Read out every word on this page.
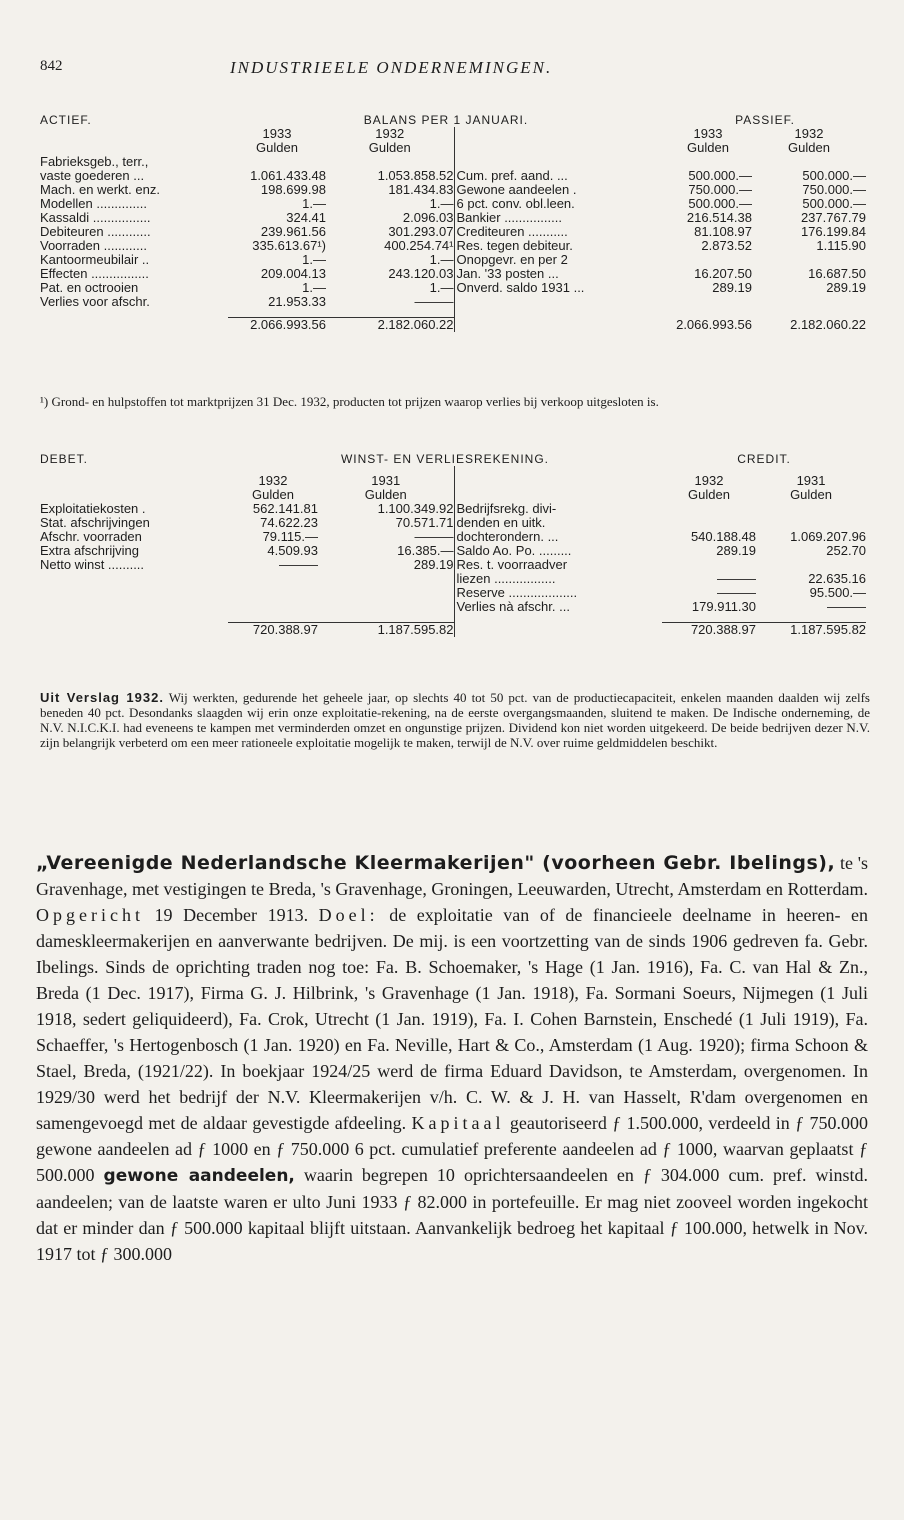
842	INDUSTRIEELE ONDERNEMINGEN.
ACTIEF.	BALANS PER 1 JANUARI.			PASSIEF.	
	1933	1932		1933	1932
	Gulden	Gulden		Gulden	Gulden
Fabrieksgeb., terr.,					
vaste goederen ...	1.061.433.48	1.053.858.52	Cum. pref. aand. ...	500.000.—	500.000.—
Mach. en werkt. enz.	198.699.98	181.434.83	Gewone aandeelen .	750.000.—	750.000.—
Modellen ..............	1.—	1.—	6 pct. conv. obl.leen.	500.000.—	500.000.—
Kassaldi ................	324.41	2.096.03	Bankier ................	216.514.38	237.767.79
Debiteuren ............	239.961.56	301.293.07	Crediteuren ...........	81.108.97	176.199.84
Voorraden ............	335.613.67¹)	400.254.74¹	Res. tegen debiteur.	2.873.52	1.115.90
Kantoormeubilair ..	1.—	1.—	Onopgevr. en per 2		
Effecten ................	209.004.13	243.120.03	Jan. '33 posten ...	16.207.50	16.687.50
Pat. en octrooien	1.—	1.—	Onverd. saldo 1931 ...	289.19	289.19
Verlies voor afschr.	21.953.33	———			

	2.066.993.56	2.182.060.22		2.066.993.56	2.182.060.22
¹) Grond- en hulpstoffen tot marktprijzen 31 Dec. 1932, producten tot prijzen waarop verlies bij verkoop uitgesloten is.
DEBET.	WINST- EN VERLIESREKENING.			CREDIT.	

	1932	1931		1932	1931
	Gulden	Gulden		Gulden	Gulden
Exploitatiekosten .	562.141.81	1.100.349.92	Bedrijfsrekg. divi-		
Stat. afschrijvingen	74.622.23	70.571.71	denden en uitk.		
Afschr. voorraden	79.115.—	———	dochterondern. ...	540.188.48	1.069.207.96
Extra afschrijving	4.509.93	16.385.—	Saldo Ao. Po. .........	289.19	252.70
Netto winst ..........	———	289.19	Res. t. voorraadver		
			liezen .................	———	22.635.16
			Reserve ...................	———	95.500.—
			Verlies nà afschr. ...	179.911.30	———

	720.388.97	1.187.595.82		720.388.97	1.187.595.82
Uit Verslag 1932. Wij werkten, gedurende het geheele jaar, op slechts 40 tot 50 pct. van de productiecapaciteit, enkelen maanden daalden wij zelfs beneden 40 pct. Desondanks slaagden wij erin onze exploitatie-rekening, na de eerste overgangsmaanden, sluitend te maken. De Indische onderneming, de N.V. N.I.C.K.I. had eveneens te kampen met verminderden omzet en ongunstige prijzen. Dividend kon niet worden uitgekeerd. De beide bedrijven dezer N.V. zijn belangrijk verbeterd om een meer rationeele exploitatie mogelijk te maken, terwijl de N.V. over ruime geldmiddelen beschikt.
„Vereenigde Nederlandsche Kleermakerijen" (voorheen Gebr. Ibelings), te 's Gravenhage, met vestigingen te Breda, 's Gravenhage, Groningen, Leeuwarden, Utrecht, Amsterdam en Rotterdam. Opgericht 19 December 1913. Doel: de exploitatie van of de financieele deelname in heeren- en dameskleermakerijen en aanverwante bedrijven. De mij. is een voortzetting van de sinds 1906 gedreven fa. Gebr. Ibelings. Sinds de oprichting traden nog toe: Fa. B. Schoemaker, 's Hage (1 Jan. 1916), Fa. C. van Hal & Zn., Breda (1 Dec. 1917), Firma G. J. Hilbrink, 's Gravenhage (1 Jan. 1918), Fa. Sormani Soeurs, Nijmegen (1 Juli 1918, sedert geliquideerd), Fa. Crok, Utrecht (1 Jan. 1919), Fa. I. Cohen Barnstein, Enschedé (1 Juli 1919), Fa. Schaeffer, 's Hertogenbosch (1 Jan. 1920) en Fa. Neville, Hart & Co., Amsterdam (1 Aug. 1920); firma Schoon & Stael, Breda, (1921/22). In boekjaar 1924/25 werd de firma Eduard Davidson, te Amsterdam, overgenomen. In 1929/30 werd het bedrijf der N.V. Kleermakerijen v/h. C. W. & J. H. van Hasselt, R'dam overgenomen en samengevoegd met de aldaar gevestigde afdeeling. Kapitaal geautoriseerd ƒ 1.500.000, verdeeld in ƒ 750.000 gewone aandeelen ad ƒ 1000 en ƒ 750.000 6 pct. cumulatief preferente aandeelen ad ƒ 1000, waarvan geplaatst ƒ 500.000 gewone aandeelen, waarin begrepen 10 oprichtersaandeelen en ƒ 304.000 cum. pref. winstd. aandeelen; van de laatste waren er ulto Juni 1933 ƒ 82.000 in portefeuille. Er mag niet zooveel worden ingekocht dat er minder dan ƒ 500.000 kapitaal blijft uitstaan. Aanvankelijk bedroeg het kapitaal ƒ 100.000, hetwelk in Nov. 1917 tot ƒ 300.000
